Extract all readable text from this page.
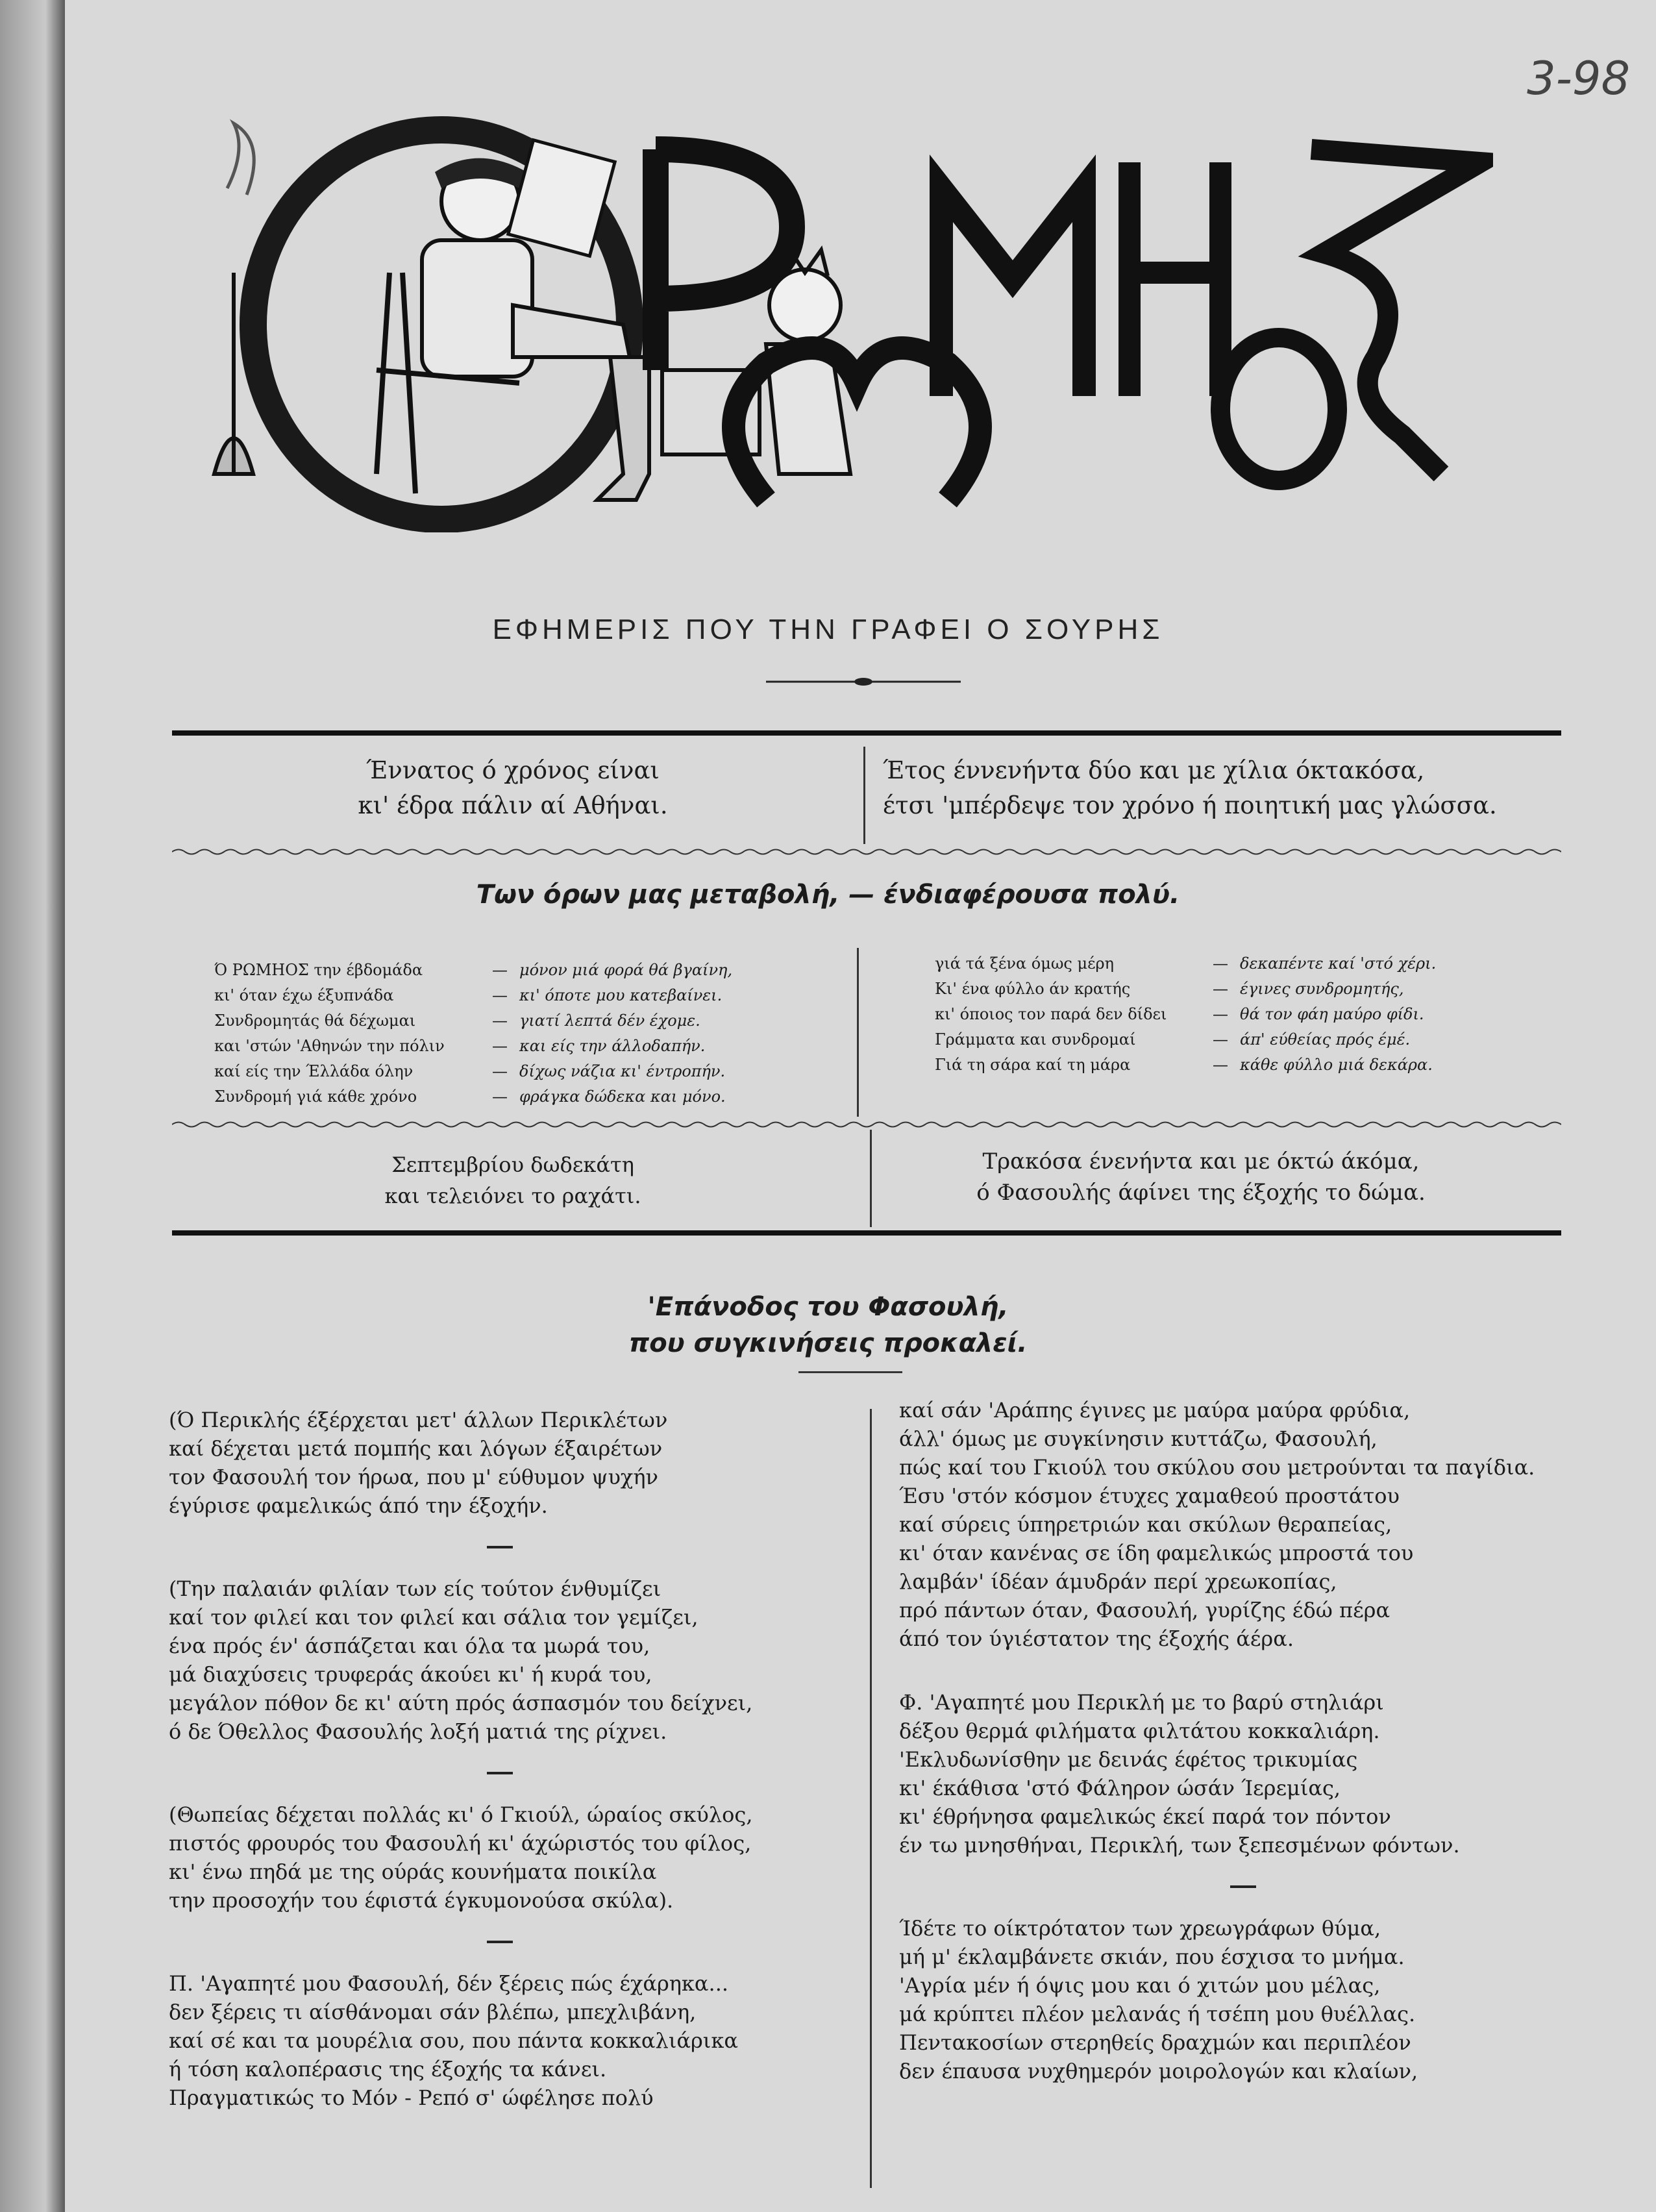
3-98
Ο ΡΩΜΗΟΣ
ΕΦΗΜΕΡΙΣ ΠΟΥ ΤΗΝ ΓΡΑΦΕΙ Ο ΣΟΥΡΗΣ
Έννατος ό χρόνος είναι
κι' έδρα πάλιν αί Αθήναι.
Έτος έννενήντα δύο και με χίλια όκτακόσα,
έτσι 'μπέρδεψε τον χρόνο ή ποιητική μας γλώσσα.
Των όρων μας μεταβολή, — ένδιαφέρουσα πολύ.
Ό ΡΩΜΗΟΣ την έβδομάδα	— μόνον μιά φορά θά βγαίνη,
κι' όταν έχω έξυπνάδα	— κι' όποτε μου κατεβαίνει.
Συνδρομητάς θά δέχωμαι	— γιατί λεπτά δέν έχομε.
και 'στών 'Αθηνών την πόλιν	— και είς την άλλοδαπήν.
καί είς την Έλλάδα όλην	— δίχως νάζια κι' έντροπήν.
Συνδρομή γιά κάθε χρόνο	— φράγκα δώδεκα και μόνο.
γιά τά ξένα όμως μέρη	— δεκαπέντε καί 'στό χέρι.
Κι' ένα φύλλο άν κρατής	— έγινες συνδρομητής,
κι' όποιος τον παρά δεν δίδει	— θά τον φάη μαύρο φίδι.
Γράμματα και συνδρομαί	— άπ' εύθείας πρός έμέ.
Γιά τη σάρα καί τη μάρα	— κάθε φύλλο μιά δεκάρα.
Σεπτεμβρίου δωδεκάτη
και τελειόνει το ραχάτι.
Τρακόσα ένενήντα και με όκτώ άκόμα,
ό Φασουλής άφίνει της έξοχής το δώμα.
'Επάνοδος του Φασουλή,
που συγκινήσεις προκαλεί.
(Ό Περικλής έξέρχεται μετ' άλλων Περικλέτων
καί δέχεται μετά πομπής και λόγων έξαιρέτων
τον Φασουλή τον ήρωα, που μ' εύθυμον ψυχήν
έγύρισε φαμελικώς άπό την έξοχήν.
(Την παλαιάν φιλίαν των είς τούτον ένθυμίζει
καί τον φιλεί και τον φιλεί και σάλια τον γεμίζει,
ένα πρός έν' άσπάζεται και όλα τα μωρά του,
μά διαχύσεις τρυφεράς άκούει κι' ή κυρά του,
μεγάλον πόθον δε κι' αύτη πρός άσπασμόν του δείχνει,
ό δε Όθελλος Φασουλής λοξή ματιά της ρίχνει.
(Θωπείας δέχεται πολλάς κι' ό Γκιούλ, ώραίος σκύλος,
πιστός φρουρός του Φασουλή κι' άχώριστός του φίλος,
κι' ένω πηδά με της ούράς κουνήματα ποικίλα
την προσοχήν του έφιστά έγκυμονούσα σκύλα).
Π. 'Αγαπητέ μου Φασουλή, δέν ξέρεις πώς έχάρηκα...
δεν ξέρεις τι αίσθάνομαι σάν βλέπω, μπεχλιβάνη,
καί σέ και τα μουρέλια σου, που πάντα κοκκαλιάρικα
ή τόση καλοπέρασις της έξοχής τα κάνει.
Πραγματικώς το Μόν - Ρεπό σ' ώφέλησε πολύ
καί σάν 'Αράπης έγινες με μαύρα μαύρα φρύδια,
άλλ' όμως με συγκίνησιν κυττάζω, Φασουλή,
πώς καί του Γκιούλ του σκύλου σου μετρούνται τα παγίδια.
Έσυ 'στόν κόσμον έτυχες χαμαθεού προστάτου
καί σύρεις ύπηρετριών και σκύλων θεραπείας,
κι' όταν κανένας σε ίδη φαμελικώς μπροστά του
λαμβάν' ίδέαν άμυδράν περί χρεωκοπίας,
πρό πάντων όταν, Φασουλή, γυρίζης έδώ πέρα
άπό τον ύγιέστατον της έξοχής άέρα.
Φ. 'Αγαπητέ μου Περικλή με το βαρύ στηλιάρι
δέξου θερμά φιλήματα φιλτάτου κοκκαλιάρη.
'Εκλυδωνίσθην με δεινάς έφέτος τρικυμίας
κι' έκάθισα 'στό Φάληρον ώσάν Ίερεμίας,
κι' έθρήνησα φαμελικώς έκεί παρά τον πόντον
έν τω μνησθήναι, Περικλή, των ξεπεσμένων φόντων.
Ίδέτε το οίκτρότατον των χρεωγράφων θύμα,
μή μ' έκλαμβάνετε σκιάν, που έσχισα το μνήμα.
'Αγρία μέν ή όψις μου και ό χιτών μου μέλας,
μά κρύπτει πλέον μελανάς ή τσέπη μου θυέλλας.
Πεντακοσίων στερηθείς δραχμών και περιπλέον
δεν έπαυσα νυχθημερόν μοιρολογών και κλαίων,
